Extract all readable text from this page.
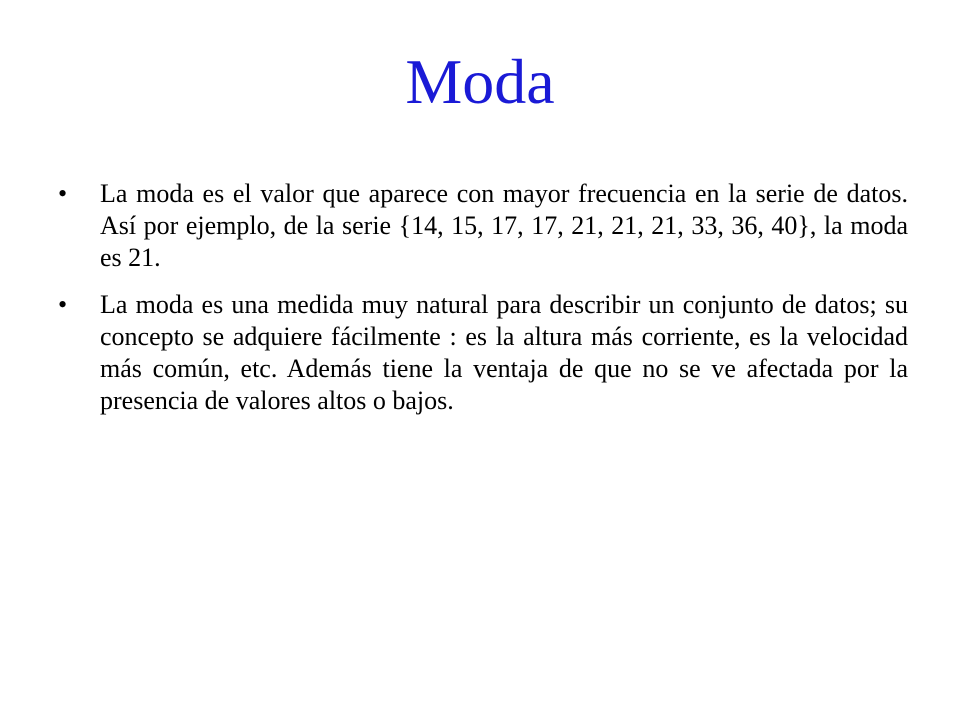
Moda
•	La moda es el valor que aparece con mayor frecuencia en la serie de datos. Así por ejemplo, de la serie {14, 15, 17, 17, 21, 21, 21, 33, 36, 40}, la moda es 21.
•	La moda es una medida muy natural para describir un conjunto de datos; su concepto se adquiere fácilmente : es la altura más corriente, es la velocidad más común, etc. Además tiene la ventaja de que no se ve afectada por la presencia de valores altos o bajos.
